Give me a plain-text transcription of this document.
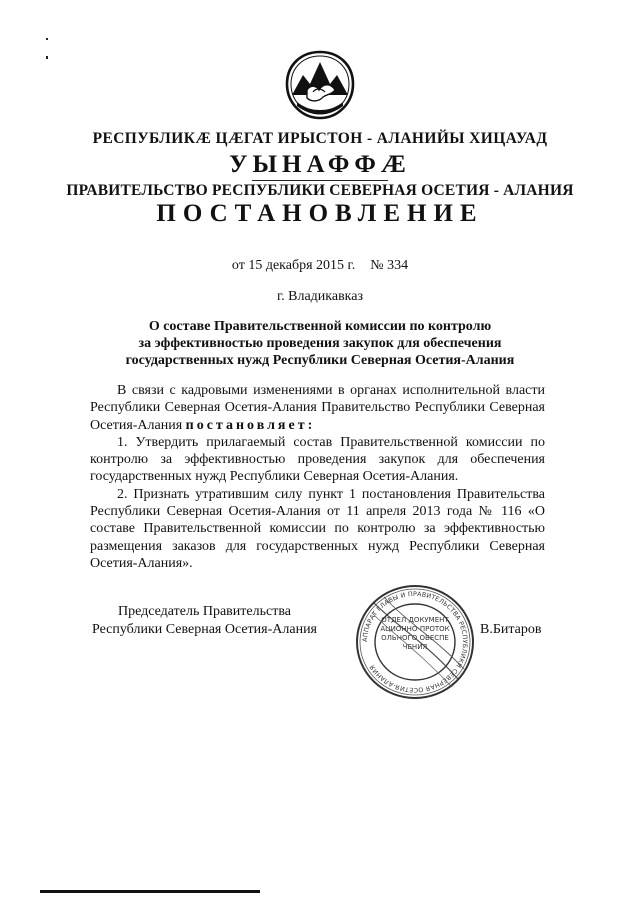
РЕСПУБЛИКӔ ЦӔГАТ ИРЫСТОН - АЛАНИЙЫ ХИЦАУАД
УЫНАФФӔ
ПРАВИТЕЛЬСТВО РЕСПУБЛИКИ СЕВЕРНАЯ ОСЕТИЯ - АЛАНИЯ
ПОСТАНОВЛЕНИЕ
от 15 декабря 2015 г. № 334
г. Владикавказ
О составе Правительственной комиссии по контролю
за эффективностью проведения закупок для обеспечения
государственных нужд Республики Северная Осетия-Алания

В связи с кадровыми изменениями в органах исполнительной власти Республики Северная Осетия-Алания Правительство Республики Северная Осетия-Алания постановляет:

1. Утвердить прилагаемый состав Правительственной комиссии по контролю за эффективностью проведения закупок для обеспечения государственных нужд Республики Северная Осетия-Алания.

2. Признать утратившим силу пункт 1 постановления Правительства Республики Северная Осетия-Алания от 11 апреля 2013 года № 116 «О составе Правительственной комиссии по контролю за эффективностью размещения заказов для государственных нужд Республики Северная Осетия-Алания».

Председатель Правительства
Республики Северная Осетия-Алания
АППАРАТ ГЛАВЫ И ПРАВИТЕЛЬСТВА РЕСПУБЛИКИ СЕВЕРНАЯ ОСЕТИЯ-АЛАНИЯ
ОТДЕЛ ДОКУМЕНТАЦИОННО-ПРОТОКОЛЬНОГО ОБЕСПЕЧЕНИЯ
В.Битаров
